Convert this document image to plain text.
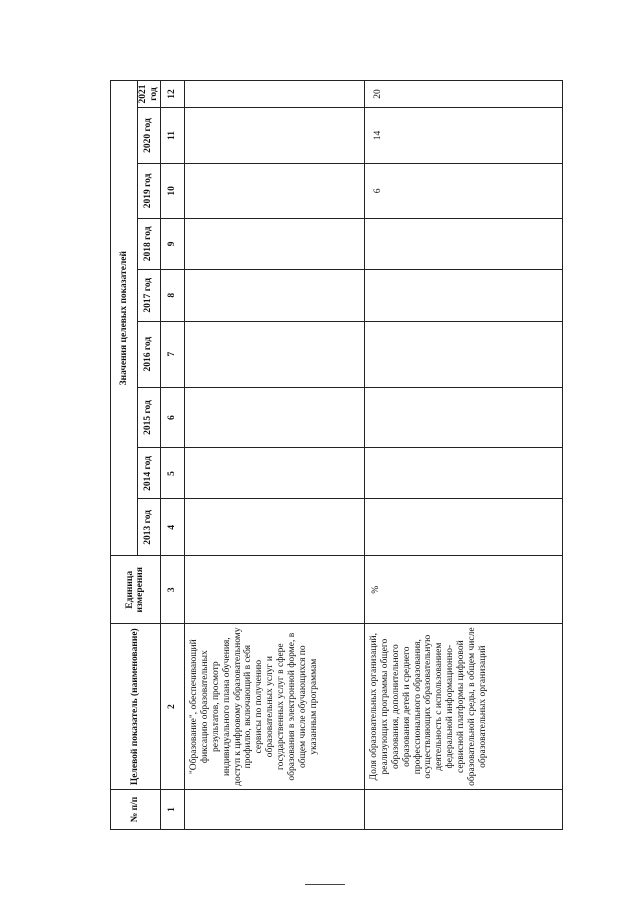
№ п/п	Целевой показатель (наименование)	Единица измерения	Значения целевых показателей								
			2013 год	2014 год	2015 год	2016 год	2017 год	2018 год	2019 год	2020 год	2021 год
1	2	3	4	5	6	7	8	9	10	11	12
	"Образование", обеспечивающий фиксацию образовательных результатов, просмотр индивидуального плана обучения, доступ к цифровому образовательному профилю, включающий в себя сервисы по получению образовательных услуг и государственных услуг в сфере образования в электронной форме, в общем числе обучающихся по указанным программам										
	Доля образовательных организаций, реализующих программы общего образования, дополнительного образования детей и среднего профессионального образования, осуществляющих образовательную деятельность с использованием федеральной информационно-сервисной платформы цифровой образовательной среды, в общем числе образовательных организаций	%							6	14	20
